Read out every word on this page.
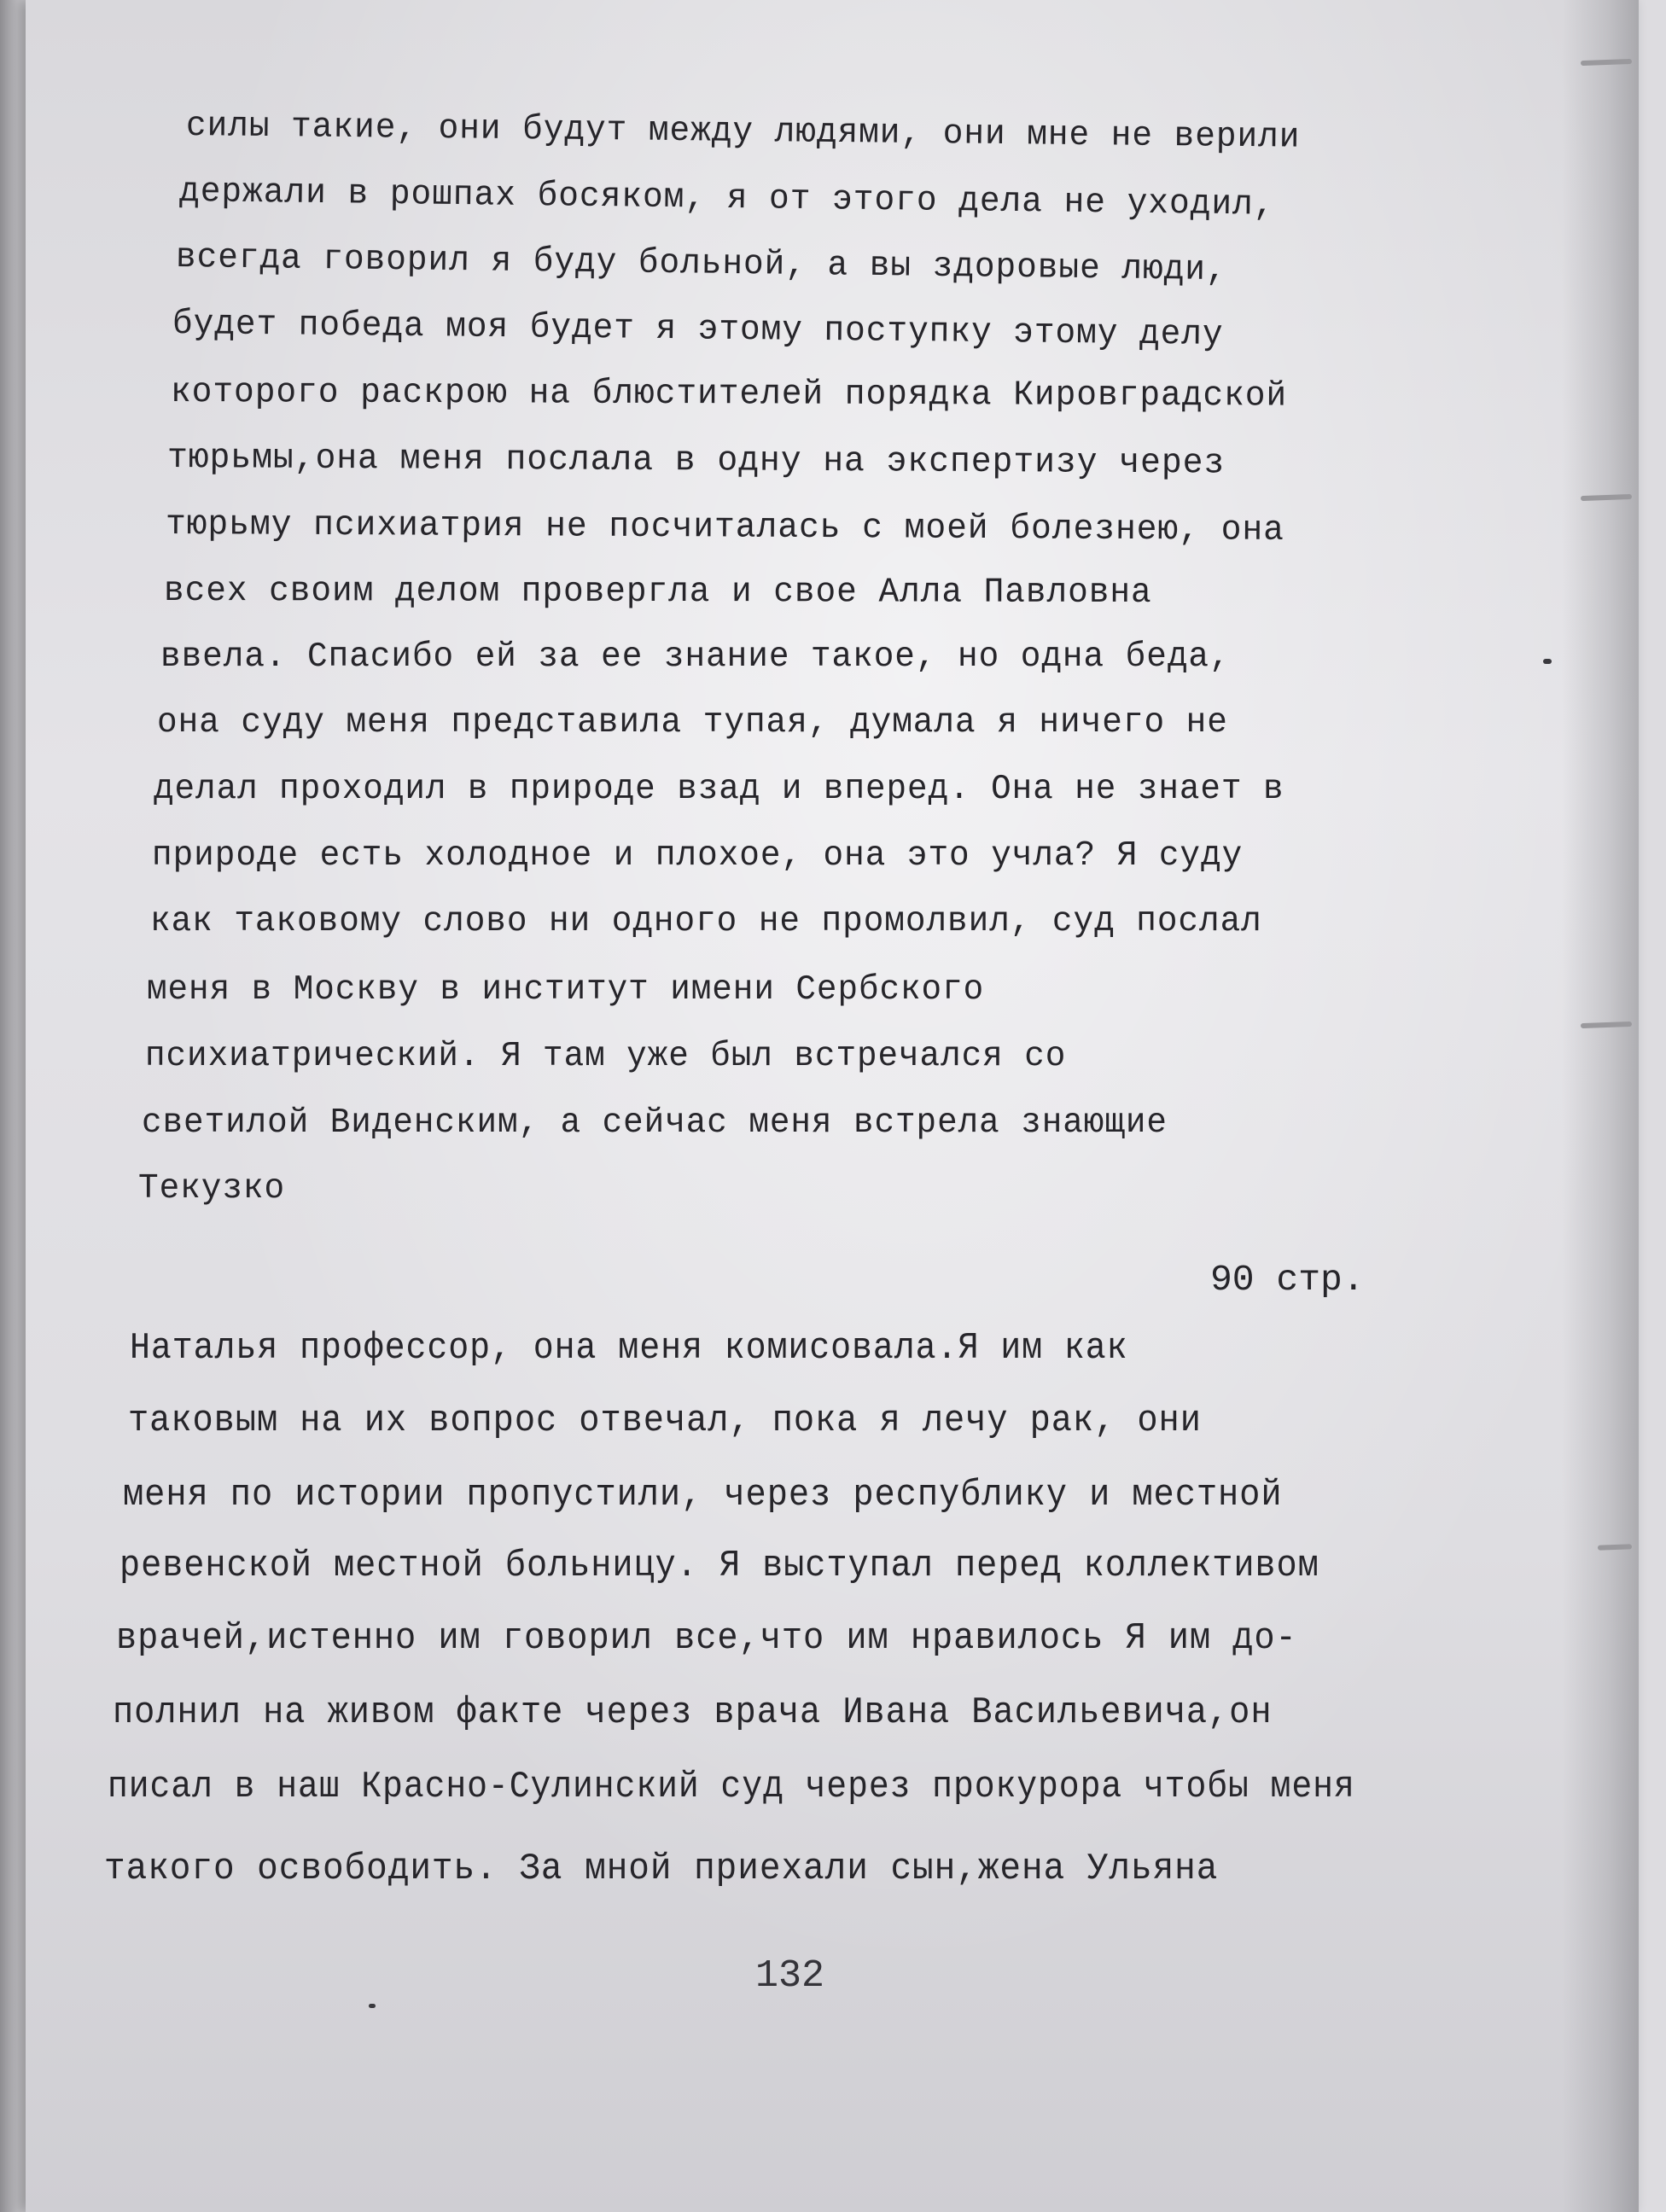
силы такие, они будут между людями, они мне не верили
держали в рошпах босяком, я от этого дела не уходил,
всегда говорил я буду больной, а вы здоровые люди,
будет победа моя будет я этому поступку этому делу
которого раскрою на блюстителей порядка Кировградской
тюрьмы,она меня послала в одну на экспертизу через
тюрьму психиатрия не посчиталась с моей болезнею, она
всех своим делом провергла и свое Алла Павловна
ввела. Спасибо ей за ее знание такое, но одна беда,
она суду меня представила тупая, думала я ничего не
делал проходил в природе взад и вперед. Она не знает в
природе есть холодное и плохое, она это учла? Я суду
как таковому слово ни одного не промолвил, суд послал
меня в Москву в институт имени Сербского
психиатрический. Я там уже был встречался со
светилой Виденским, а сейчас меня встрела знающие
Текузко
90 стр.
Наталья профессор, она меня комисовала.Я им как
таковым на их вопрос отвечал, пока я лечу рак, они
меня по истории пропустили, через республику и местной
ревенской местной больницу. Я выступал перед коллективом
врачей,истенно им говорил все,что им нравилось Я им до-
полнил на живом факте через врача Ивана Васильевича,он
писал в наш Красно-Сулинский суд через прокурора чтобы меня
такого освободить. За мной приехали сын,жена Ульяна
132
